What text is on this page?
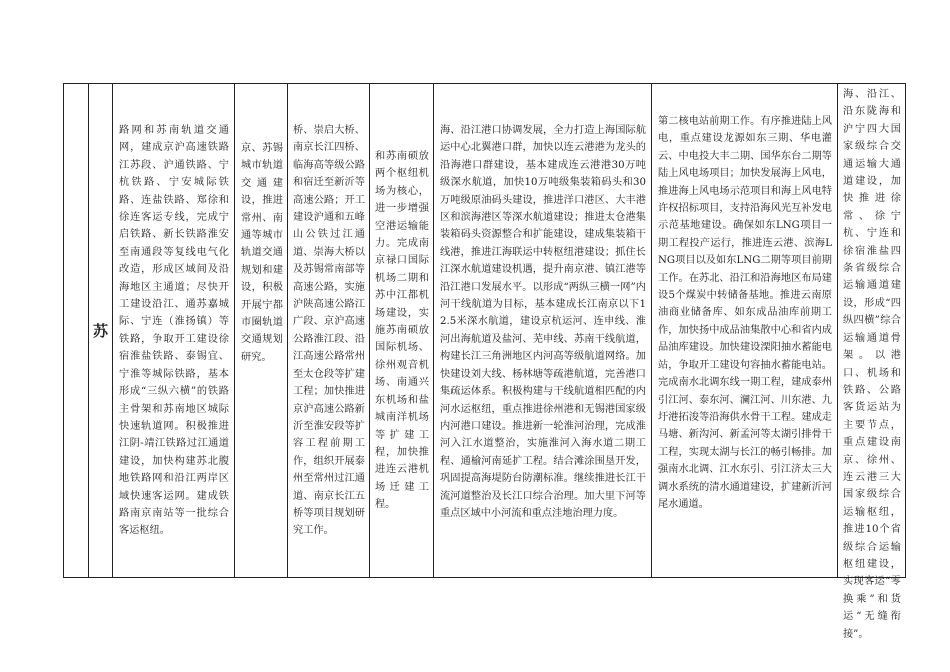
苏
路网和苏南轨道交通网，建成京沪高速铁路江苏段、沪通铁路、宁杭铁路、宁安城际铁路、连盐铁路、郑徐和徐连客运专线，完成宁启铁路、新长铁路淮安至南通段等复线电气化改造，形成区域间及沿海地区主通道；尽快开工建设沿江、通苏嘉城际、宁连（淮扬镇）等铁路，争取开工建设徐宿淮盐铁路、泰锡宜、宁淮等城际铁路，基本形成“三纵六横”的铁路主骨架和苏南地区城际快速轨道网。积极推进江阴-靖江铁路过江通道建设，加快构建苏北腹地铁路网和沿江两岸区域快速客运网。建成铁路南京南站等一批综合客运枢纽。
京、苏锡城市轨道交通建设，推进常州、南通等城市轨道交通规划和建设，积极开展宁都市圈轨道交通规划研究。
桥、崇启大桥、南京长江四桥、临海高等级公路和宿迁至新沂等高速公路；开工建设沪通和五峰山公铁过江通道、崇海大桥以及苏锡常南部等高速公路，实施沪陕高速公路江广段、京沪高速公路淮江段、沿江高速公路常州至太仓段等扩建工程；加快推进京沪高速公路新沂至淮安段等扩容工程前期工作，组织开展泰州至常州过江通道、南京长江五桥等项目规划研究工作。
和苏南硕放两个枢纽机场为核心，进一步增强空港运输能力。完成南京禄口国际机场二期和苏中江都机场建设，实施苏南硕放国际机场、徐州观音机场、南通兴东机场和盐城南洋机场等扩建工程，加快推进连云港机场迁建工程。
海、沿江港口协调发展，全力打造上海国际航运中心北翼港口群，加快以连云港港为龙头的沿海港口群建设，基本建成连云港港30万吨级深水航道，加快10万吨级集装箱码头和30万吨级原油码头建设，推进洋口港区、大丰港区和滨海港区等深水航道建设；推进太仓港集装箱码头资源整合和扩能建设，建成集装箱干线港，推进江海联运中转枢纽港建设；抓住长江深水航道建设机遇，提升南京港、镇江港等沿江港口发展水平。以形成“两纵三横一网”内河干线航道为目标，基本建成长江南京以下12.5米深水航道，建设京杭运河、连申线、淮河出海航道及盐河、芜申线、苏南干线航道，构建长江三角洲地区内河高等级航道网络。加快建设刘大线、杨林塘等疏港航道，完善港口集疏运体系。积极构建与干线航道相匹配的内河水运枢纽，重点推进徐州港和无锡港国家级内河港口建设。推进新一轮淮河治理，完成淮河入江水道整治，实施淮河入海水道二期工程、通榆河南延扩工程。结合滩涂围垦开发，巩固提高海堤防台防潮标准。继续推进长江干流河道整治及长江口综合治理。加大里下河等重点区域中小河流和重点洼地治理力度。
第二核电站前期工作。有序推进陆上风电，重点建设龙源如东三期、华电灌云、中电投大丰二期、国华东台二期等陆上风电场项目；加快发展海上风电，推进海上风电场示范项目和海上风电特许权招标项目，支持沿海风光互补发电示范基地建设。确保如东LNG项目一期工程投产运行，推进连云港、滨海LNG项目以及如东LNG二期等项目前期工作。在苏北、沿江和沿海地区布局建设5个煤炭中转储备基地。推进云南原油商业储备库、如东成品油库前期工作，加快扬中成品油集散中心和省内成品油库建设。加快建设溧阳抽水蓄能电站，争取开工建设句容抽水蓄能电站。完成南水北调东线一期工程，建成泰州引江河、泰东河、澜江河、川东港、九圩港拓浚等沿海供水骨干工程。建成走马塘、新沟河、新孟河等太湖引排骨干工程，实现太湖与长江的畅引畅排。加强南水北调、江水东引、引江济太三大调水系统的清水通道建设，扩建新沂河尾水通道。
海、沿江、沿东陇海和沪宁四大国家级综合交通运输大通道建设，加快推进徐常、徐宁杭、宁连和徐宿淮盐四条省级综合运输通道建设，形成“四纵四横”综合运输通道骨架。以港口、机场和铁路、公路客货运站为主要节点，重点建设南京、徐州、连云港三大国家级综合运输枢纽，推进10个省级综合运输枢纽建设，实现客运“零换乘”和货运“无缝衔接”。
